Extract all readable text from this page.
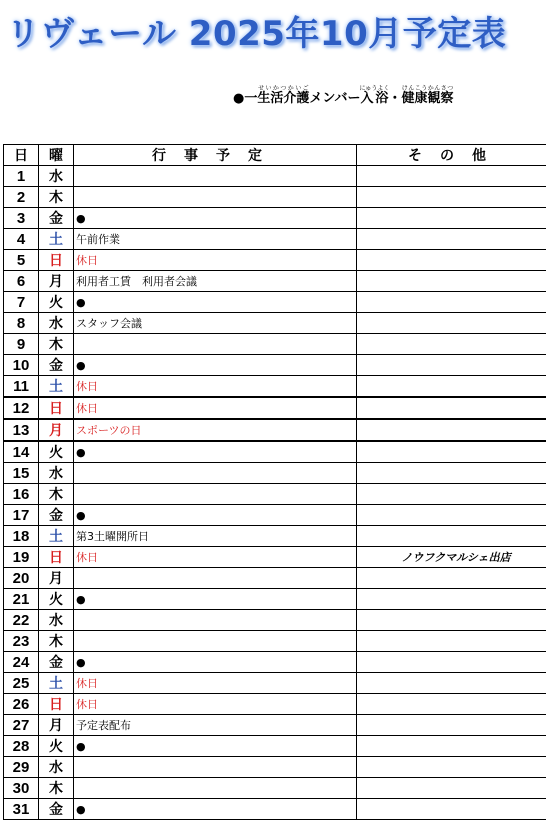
リヴェール 2025年10月予定表
●一生活介護せいかつかいごメンバー入浴にゅうよく・健康観察けんこうかんさつ
日	曜	行事予定	その他
1	水		
2	木		
3	金	●	
4	土	午前作業	
5	日	休日	
6	月	利用者工賃　利用者会議	
7	火	●	
8	水	スタッフ会議	
9	木		
10	金	●	
11	土	休日	
12	日	休日	
13	月	スポーツの日	
14	火	●	
15	水		
16	木		
17	金	●	
18	土	第3土曜開所日	
19	日	休日	ノウフクマルシェ出店
20	月		
21	火	●	
22	水		
23	木		
24	金	●	
25	土	休日	
26	日	休日	
27	月	予定表配布	
28	火	●	
29	水		
30	木		
31	金	●	
